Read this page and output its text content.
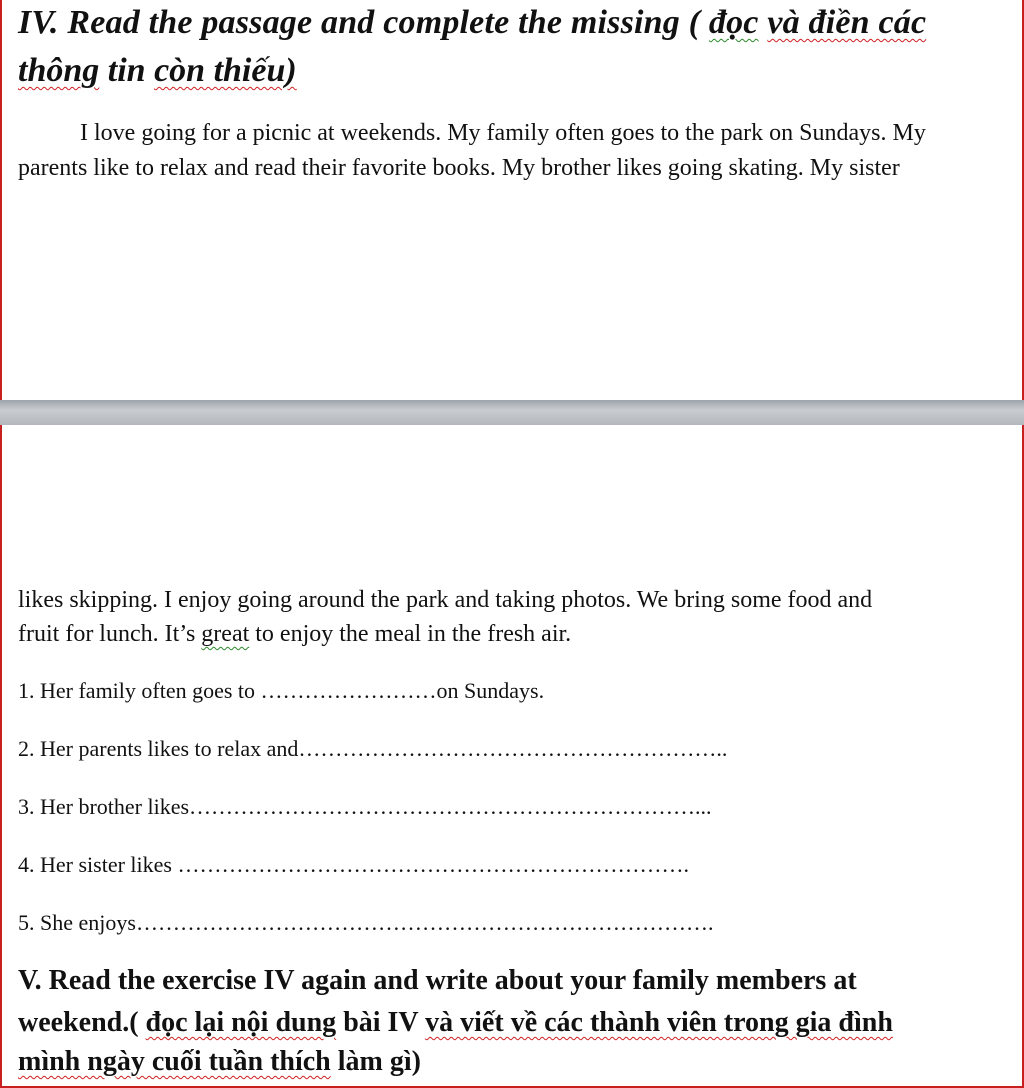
IV. Read the passage and complete the missing ( đọc và điền các
thông tin còn thiếu)
I love going for a picnic at weekends. My family often goes to the park on Sundays. My
parents like to relax and read their favorite books. My brother likes going skating. My sister
likes skipping. I enjoy going around the park and taking photos. We bring some food and
fruit for lunch. It’s great to enjoy the meal in the fresh air.
1. Her family often goes to ……………………on Sundays.
2. Her parents likes to relax and…………………………………………………..
3. Her brother likes……………………………………………………………...
4. Her sister likes …………………………………………………………….
5. She enjoys…………………………………………………………………….
V. Read the exercise IV again and write about your family members at
weekend.( đọc lại nội dung bài IV và viết về các thành viên trong gia đình
mình ngày cuối tuần thích làm gì)
